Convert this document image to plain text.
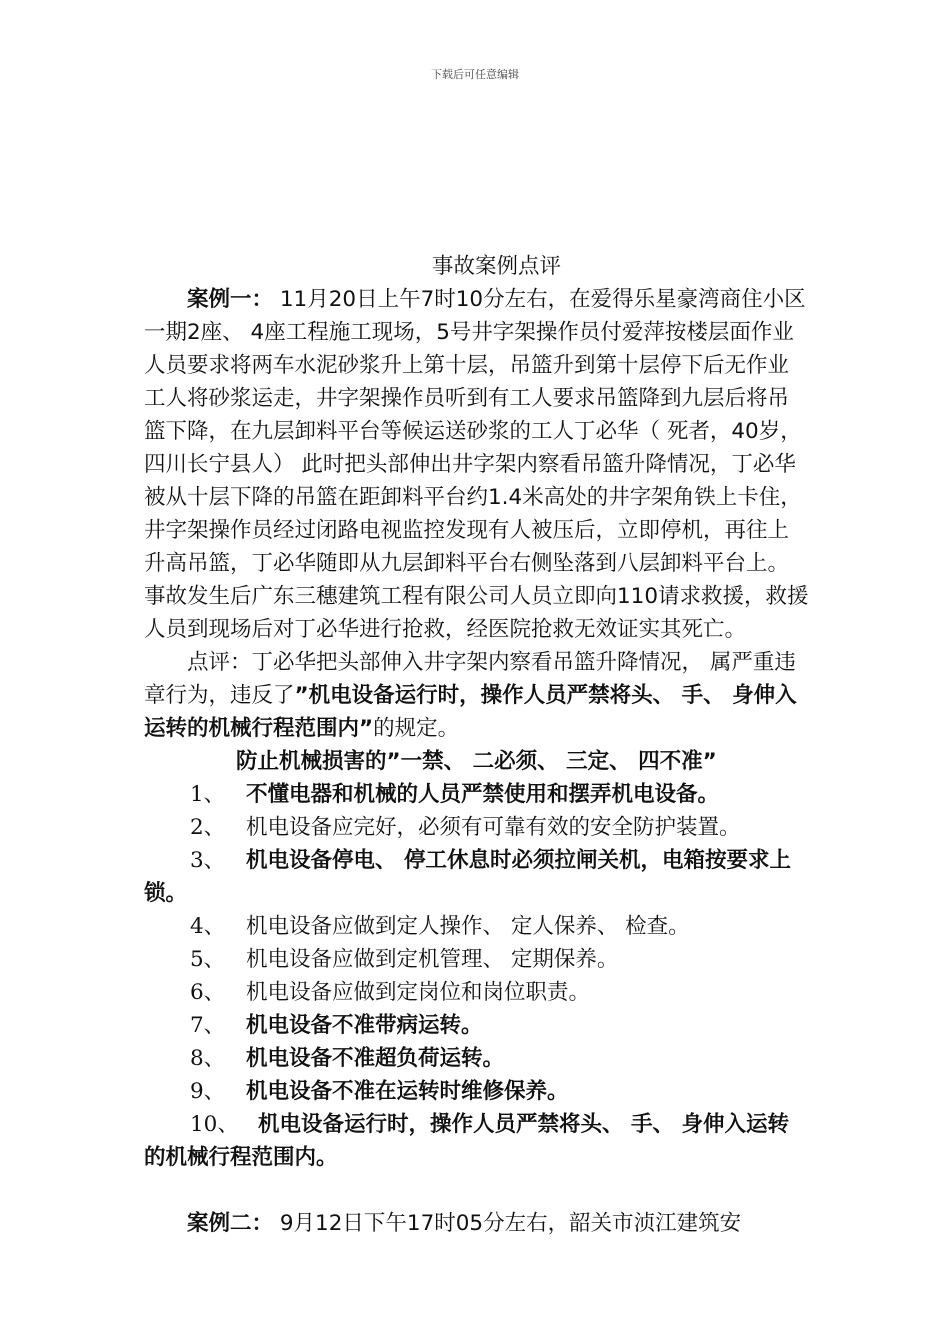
下载后可任意编辑
事故案例点评

案例一： 11月20日上午7时10分左右，在爱得乐星豪湾商住小区一期2座、 4座工程施工现场，5号井字架操作员付爱萍按楼层面作业人员要求将两车水泥砂浆升上第十层，吊篮升到第十层停下后无作业工人将砂浆运走，井字架操作员听到有工人要求吊篮降到九层后将吊篮下降，在九层卸料平台等候运送砂浆的工人丁必华（ 死者，40岁，四川长宁县人） 此时把头部伸出井字架内察看吊篮升降情况，丁必华被从十层下降的吊篮在距卸料平台约1.4米高处的井字架角铁上卡住，井字架操作员经过闭路电视监控发现有人被压后，立即停机，再往上升高吊篮，丁必华随即从九层卸料平台右侧坠落到八层卸料平台上。事故发生后广东三穗建筑工程有限公司人员立即向110请求救援，救援人员到现场后对丁必华进行抢救，经医院抢救无效证实其死亡。

点评：丁必华把头部伸入井字架内察看吊篮升降情况， 属严重违章行为，违反了”机电设备运行时，操作人员严禁将头、 手、 身伸入运转的机械行程范围内”的规定。

防止机械损害的”一禁、 二必须、 三定、 四不准”

1、 不懂电器和机械的人员严禁使用和摆弄机电设备。

2、 机电设备应完好，必须有可靠有效的安全防护装置。

3、 机电设备停电、 停工休息时必须拉闸关机，电箱按要求上锁。

4、 机电设备应做到定人操作、 定人保养、 检查。

5、 机电设备应做到定机管理、 定期保养。

6、 机电设备应做到定岗位和岗位职责。

7、 机电设备不准带病运转。

8、 机电设备不准超负荷运转。

9、 机电设备不准在运转时维修保养。

10、 机电设备运行时，操作人员严禁将头、 手、 身伸入运转的机械行程范围内。

案例二： 9月12日下午17时05分左右，韶关市浈江建筑安
